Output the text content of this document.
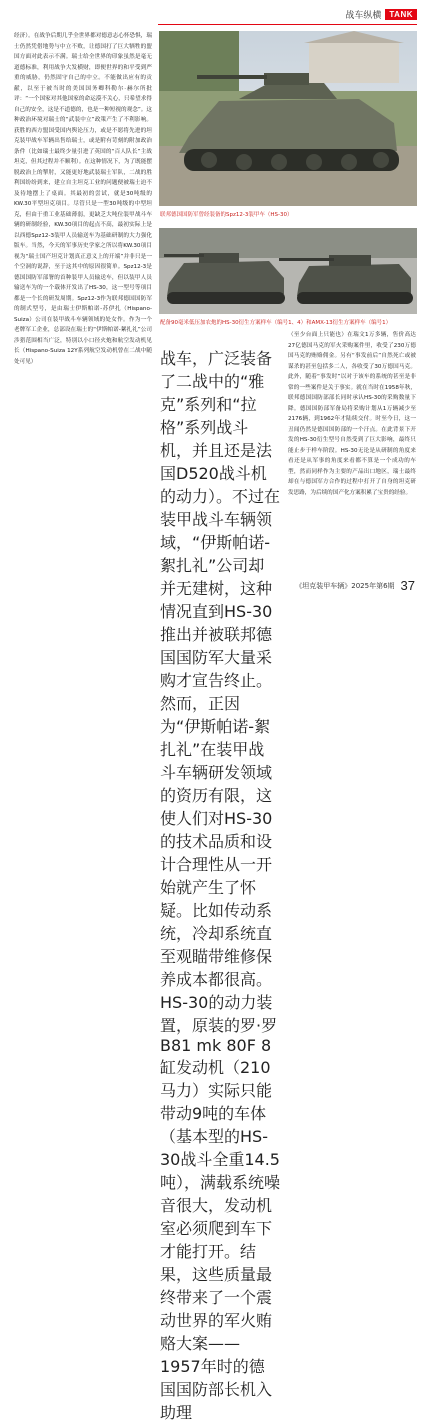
战车纵横	TANK

经济）。在战争后期几乎全世界都对德意志心怀恐惧，瑞士仍然凭借地势与中立不败，让德国打了巨大牺牲的盟国方面对此表示不满。瑞士给全世界的印象虽然是毫无道德标准，利用战争大发横财，即便世界的和平受到严重的威胁，仍然固守自己的中立。不能做出应有的贡献，以至于被当时的美国国务卿科勒尔·赫尔所批评：“一个国家对其他国家的命运漠不关心，只希望求得自己的安全，这是不道德的，也是一种短视的观念”。这种政治环境对瑞士的“武装中立”政策产生了不利影响。获胜的西方盟国受国内舆论压力，或是不愿将先进的坦克装甲战车军辆出售给瑞士，或是附有苛刻的附加政治条件（比如瑞士最终少量引进了英国的“百人队长”主战坦克，但其过程并不顺利）。在这种情况下，为了既能摆脱政治上的掣肘，又能更好地武装瑞士军队，二战的胜利国纷纷到来，建立自主坦克工业的问题便被瑞士迫不及待地摆上了桌面。其最初的尝试，就是30吨级的KW.30平型坦克项目。尽管只是一型30吨级的中型坦克，但由于重工业基础薄弱，更缺乏大吨位装甲战斗车辆的研制经验，KW.30项目的起点不高，最初实际上是以西德Spz12-3装甲人员输送车为基础研制的大力强化版车。当然，今天的军事历史学家之所以将KW.30项目视为“瑞士国产坦克计划真正意义上的开端”并非只是一个空洞的说辞，至于这其中的原因很简单。Spz12-3是德国国防军部署的首种装甲人员输送车，但以装甲人员输送车为的一个载体开发出了HS-30，这一型号等项目都是一个长的研发周期。Spz12-3作为联邦德国国防军的制式型号，是由瑞士伊斯帕诺-苏伊扎（Hispano-Suiza）公司在装甲战斗车辆领域的处女作。作为一个老牌军工企业，总部设在瑞士的“伊斯帕诺-絮扎礼”公司涉猎范围相当广泛，特别以小口径火炮和航空发动机见长（Hispano-Suiza 12Y系列航空发动机曾在二战中随处可见）

联邦德国国防军曾经装备的Spz12-3装甲车（HS-30）
配备90毫米低压加农炮的HS-30衍生方案样车（编号1、4）和AMX-13衍生方案样车（编号1）

战车，广泛装备了二战中的“雅克”系列和“拉格”系列战斗机，并且还是法国D520战斗机的动力）。不过在装甲战斗车辆领域，“伊斯帕诺-絮扎礼”公司却并无建树，这种情况直到HS-30推出并被联邦德国国防军大量采购才宣告终止。然而，正因为“伊斯帕诺-絮扎礼”在装甲战斗车辆研发领域的资历有限，这使人们对HS-30的技术品质和设计合理性从一开始就产生了怀疑。比如传动系统，冷却系统直至观瞄带维修保养成本都很高。HS-30的动力装置，原装的罗·罗B81 mk 80F 8缸发动机（210马力）实际只能带动9吨的车体（基本型的HS-30战斗全重14.5吨），满载系统噪音很大，发动机室必须爬到车下才能打开。结果，这些质量最终带来了一个震动世界的军火贿赂大案——1957年时的德国国防部长机入助理

（至少台面上只能也）在瑞文1万多辆，售价高达27亿德国马克的军火采购案件里，收受了230万德国马克的贿赂佣金。另有“事发前后”自然死亡或被谋杀的甚至包括多二人，各收受了30万德国马克。此外，随着“事发时”以对于该车的系统的甚至是非常的一些案件是关于事实。就在当时在1958年秋，联邦德国国防部部长同时承认HS-30的采购数量下降。德国国防部军备局将采购计划从1万辆减少至2176辆，到1962年才陆续交付。时至今日，这一丑闻仍然是德国国防部的一个汗点。在此背景下开发的HS-30衍生型号自然受到了巨大影响，最终只能止步于样车阶段。HS-30无论是从研制的角度来看还是从军事的角度来看都不算是一个成功的车型，然而同样作为主要的产品出口地区，瑞士最终却在与德国军方合作的过程中打开了自身的坦克研发思路，为后续的国产化方案积累了宝贵的经验。

《坦克装甲车辆》2025年第6期 37
